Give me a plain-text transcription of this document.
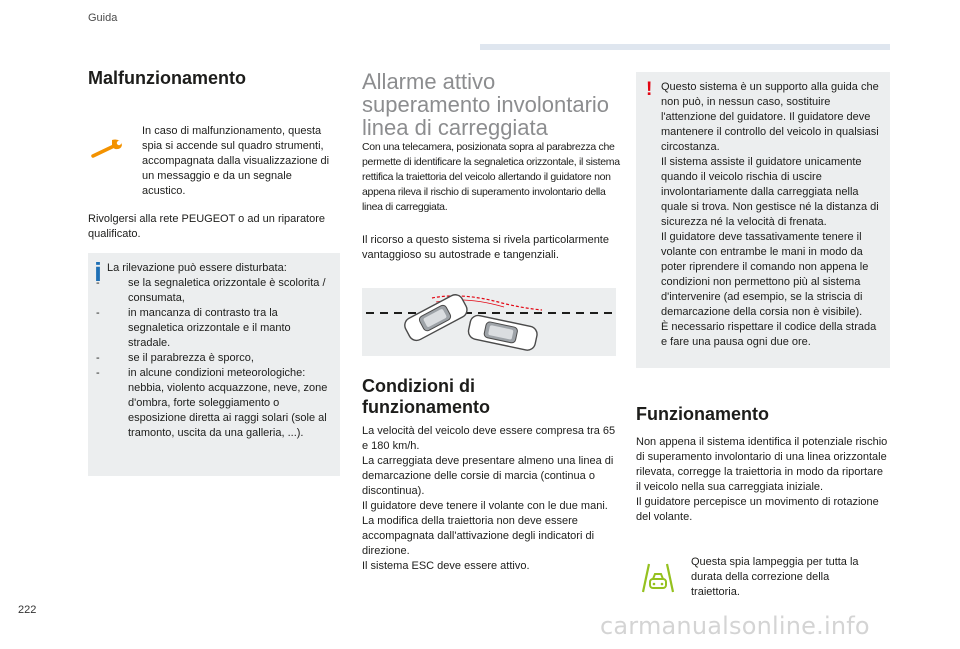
Guida
Malfunzionamento
In caso di malfunzionamento, questa spia si accende sul quadro strumenti, accompagnata dalla visualizzazione di un messaggio e da un segnale acustico.
Rivolgersi alla rete PEUGEOT o ad un riparatore qualificato.

La rilevazione può essere disturbata:

- se la segnaletica orizzontale è scolorita / consumata,
- in mancanza di contrasto tra la segnaletica orizzontale e il manto stradale.
- se il parabrezza è sporco,
- in alcune condizioni meteorologiche: nebbia, violento acquazzone, neve, zone d'ombra, forte soleggiamento o esposizione diretta ai raggi solari (sole al tramonto, uscita da una galleria, ...).
Allarme attivo
superamento involontario
linea di carreggiata
Con una telecamera, posizionata sopra al parabrezza che permette di identificare la segnaletica orizzontale, il sistema rettifica la traiettoria del veicolo allertando il guidatore non appena rileva il rischio di superamento involontario della linea di carreggiata.
Il ricorso a questo sistema si rivela particolarmente vantaggioso su autostrade e tangenziali.
Condizioni di
funzionamento

La velocità del veicolo deve essere compresa tra 65 e 180 km/h.

La carreggiata deve presentare almeno una linea di demarcazione delle corsie di marcia (continua o discontinua).

Il guidatore deve tenere il volante con le due mani.

La modifica della traiettoria non deve essere accompagnata dall'attivazione degli indicatori di direzione.

Il sistema ESC deve essere attivo.

! Questo sistema è un supporto alla guida che non può, in nessun caso, sostituire l'attenzione del guidatore. Il guidatore deve mantenere il controllo del veicolo in qualsiasi circostanza.

Il sistema assiste il guidatore unicamente quando il veicolo rischia di uscire involontariamente dalla carreggiata nella quale si trova. Non gestisce né la distanza di sicurezza né la velocità di frenata.

Il guidatore deve tassativamente tenere il volante con entrambe le mani in modo da poter riprendere il comando non appena le condizioni non permettono più al sistema d'intervenire (ad esempio, se la striscia di demarcazione della corsia non è visibile).

È necessario rispettare il codice della strada e fare una pausa ogni due ore.

Funzionamento

Non appena il sistema identifica il potenziale rischio di superamento involontario di una linea orizzontale rilevata, corregge la traiettoria in modo da riportare il veicolo nella sua carreggiata iniziale.

Il guidatore percepisce un movimento di rotazione del volante.

Questa spia lampeggia per tutta la durata della correzione della traiettoria.
222
carmanualsonline.info
